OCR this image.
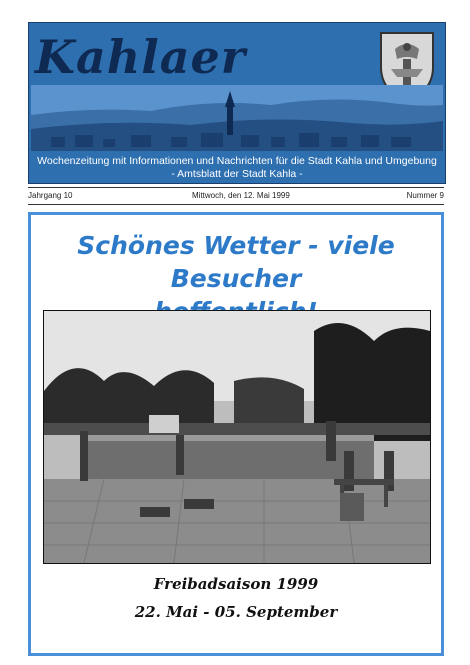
Kahlaer
Wochenzeitung mit Informationen und Nachrichten für die Stadt Kahla und Umgebung
- Amtsblatt der Stadt Kahla -
Jahrgang 10	Mittwoch, den 12. Mai 1999	Nummer 9
Schönes Wetter - viele Besucher
Freibadsaison 1999
22. Mai - 05. September
